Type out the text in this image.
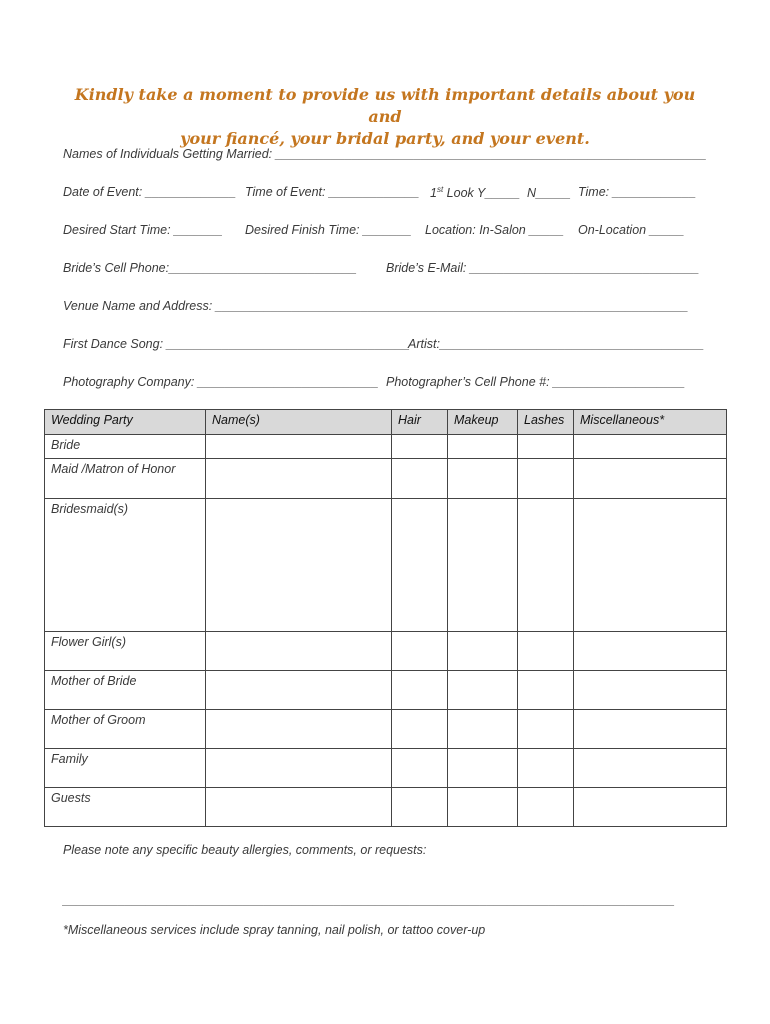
Kindly take a moment to provide us with important details about you and
your fiancé, your bridal party, and your event.
Names of Individuals Getting Married: ______________________________________________________________
Date of Event: _____________ Time of Event: _____________ 1st Look Y_____  N_____ Time: ____________
Desired Start Time: _______ Desired Finish Time: _______ Location: In-Salon _____ On-Location _____
Bride’s Cell Phone:___________________________ Bride’s E-Mail: _________________________________
Venue Name and Address: ____________________________________________________________________
First Dance Song: ___________________________________
Artist:______________________________________
Photography Company: __________________________ Photographer’s Cell Phone #: ___________________
Wedding Party	Name(s)	Hair	Makeup	Lashes	Miscellaneous*
Bride					
Maid /Matron of Honor					
Bridesmaid(s)					
Flower Girl(s)					
Mother of Bride					
Mother of Groom					
Family					
Guests					
Please note any specific beauty allergies, comments, or requests:
________________________________________________________________________________________
*Miscellaneous services include spray tanning, nail polish, or tattoo cover-up
